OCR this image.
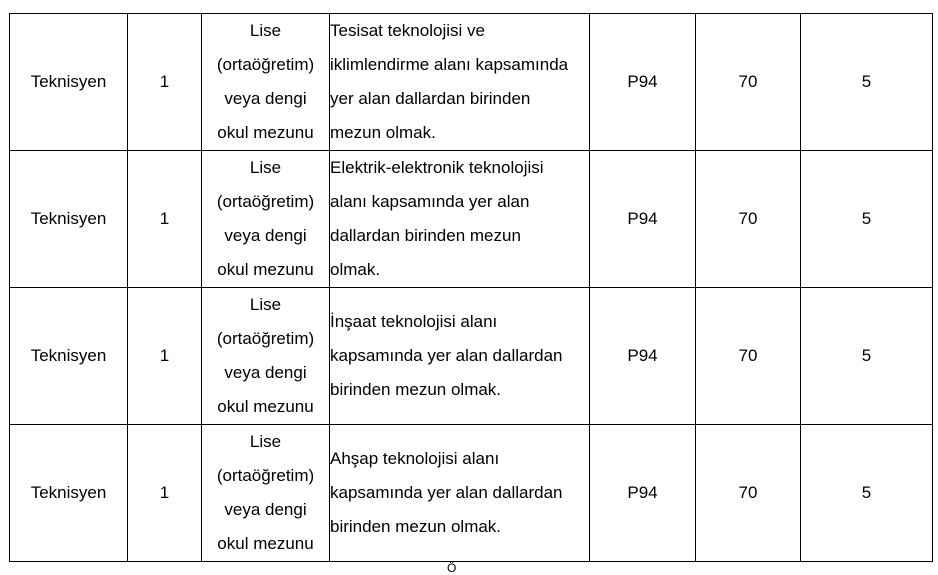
Teknisyen	1	Lise
(ortaöğretim)
veya dengi
okul mezunu	Tesisat teknolojisi ve
iklimlendirme alanı kapsamında
yer alan dallardan birinden
mezun olmak.	P94	70	5
Teknisyen	1	Lise
(ortaöğretim)
veya dengi
okul mezunu	Elektrik-elektronik teknolojisi
alanı kapsamında yer alan
dallardan birinden mezun
olmak.	P94	70	5
Teknisyen	1	Lise
(ortaöğretim)
veya dengi
okul mezunu	İnşaat teknolojisi alanı
kapsamında yer alan dallardan
birinden mezun olmak.	P94	70	5
Teknisyen	1	Lise
(ortaöğretim)
veya dengi
okul mezunu	Ahşap teknolojisi alanı
kapsamında yer alan dallardan
birinden mezun olmak.	P94	70	5
Ö
